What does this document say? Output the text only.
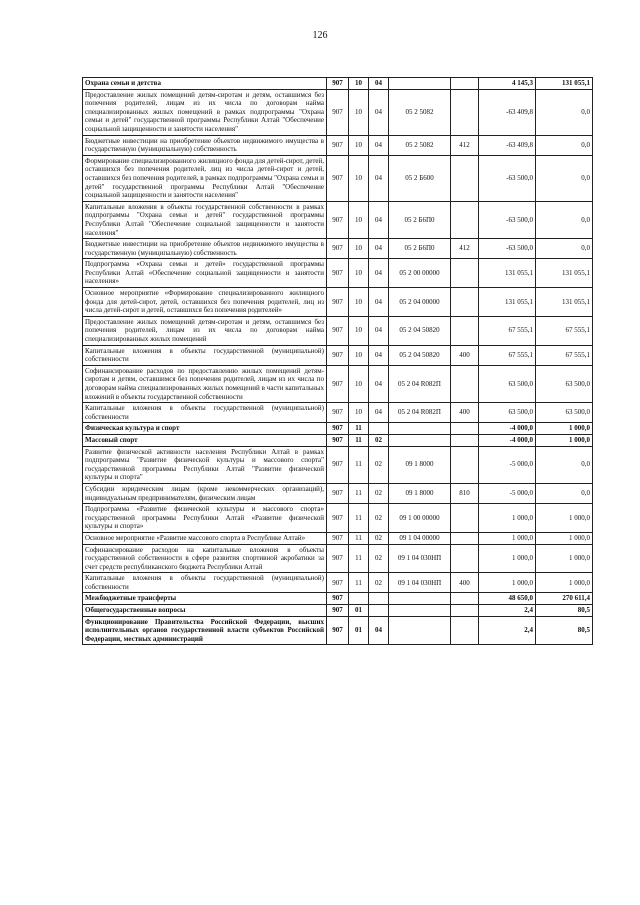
126
Охрана семьи и детства	907	10	04			4 145,3	131 055,1
Предоставление жилых помещений детям-сиротам и детям, оставшимся без попечения родителей, лицам из их числа по договорам найма специализированных жилых помещений в рамках подпрограммы "Охрана семьи и детей" государственной программы Республики Алтай "Обеспечение социальной защищенности и занятости населения"	907	10	04	05 2 5082		-63 409,8	0,0
Бюджетные инвестиции на приобретение объектов недвижимого имущества в государственную (муниципальную) собственность	907	10	04	05 2 5082	412	-63 409,8	0,0
Формирование специализированного жилищного фонда для детей-сирот, детей, оставшихся без попечения родителей, лиц из числа детей-сирот и детей, оставшихся без попечения родителей, в рамках подпрограммы "Охрана семьи и детей" государственной программы Республики Алтай "Обеспечение социальной защищенности и занятости населения"	907	10	04	05 2 Б600		-63 500,0	0,0
Капитальные вложения в объекты государственной собственности в рамках подпрограммы "Охрана семьи и детей" государственной программы Республики Алтай "Обеспечение социальной защищенности и занятости населения"	907	10	04	05 2 Б6П0		-63 500,0	0,0
Бюджетные инвестиции на приобретение объектов недвижимого имущества в государственную (муниципальную) собственность	907	10	04	05 2 Б6П0	412	-63 500,0	0,0
Подпрограмма «Охрана семьи и детей» государственной программы Республики Алтай «Обеспечение социальной защищенности и занятости населения»	907	10	04	05 2 00 00000		131 055,1	131 055,1
Основное мероприятие «Формирование специализированного жилищного фонда для детей-сирот, детей, оставшихся без попечения родителей, лиц из числа детей-сирот и детей, оставшихся без попечения родителей»	907	10	04	05 2 04 00000		131 055,1	131 055,1
Предоставление жилых помещений детям-сиротам и детям, оставшимся без попечения родителей, лицам из их числа по договорам найма специализированных жилых помещений	907	10	04	05 2 04 50820		67 555,1	67 555,1
Капитальные вложения в объекты государственной (муниципальной) собственности	907	10	04	05 2 04 50820	400	67 555,1	67 555,1
Софинансирование расходов по предоставлению жилых помещений детям-сиротам и детям, оставшимся без попечения родителей, лицам из их числа по договорам найма специализированных жилых помещений в части капитальных вложений в объекты государственной собственности	907	10	04	05 2 04 R082П		63 500,0	63 500,0
Капитальные вложения в объекты государственной (муниципальной) собственности	907	10	04	05 2 04 R082П	400	63 500,0	63 500,0
Физическая культура и спорт	907	11				-4 000,0	1 000,0
Массовый спорт	907	11	02			-4 000,0	1 000,0
Развитие физической активности населения Республики Алтай в рамках подпрограммы "Развитие физической культуры и массового спорта" государственной программы Республики Алтай "Развитие физической культуры и спорта"	907	11	02	09 1 8000		-5 000,0	0,0
Субсидии юридическим лицам (кроме некоммерческих организаций), индивидуальным предпринимателям, физическим лицам	907	11	02	09 1 8000	810	-5 000,0	0,0
Подпрограмма «Развитие физической культуры и массового спорта» государственной программы Республики Алтай «Развитие физической культуры и спорта»	907	11	02	09 1 00 00000		1 000,0	1 000,0
Основное мероприятие «Развитие массового спорта в Республике Алтай»	907	11	02	09 1 04 00000		1 000,0	1 000,0
Софинансирование расходов на капитальные вложения в объекты государственной собственности в сфере развития спортивной акробатики за счет средств республиканского бюджета Республики Алтай	907	11	02	09 1 04 030НП		1 000,0	1 000,0
Капитальные вложения в объекты государственной (муниципальной) собственности	907	11	02	09 1 04 030НП	400	1 000,0	1 000,0
Межбюджетные трансферты	907					48 650,0	270 611,4
Общегосударственные вопросы	907	01				2,4	80,5
Функционирование Правительства Российской Федерации, высших исполнительных органов государственной власти субъектов Российской Федерации, местных администраций	907	01	04			2,4	80,5
